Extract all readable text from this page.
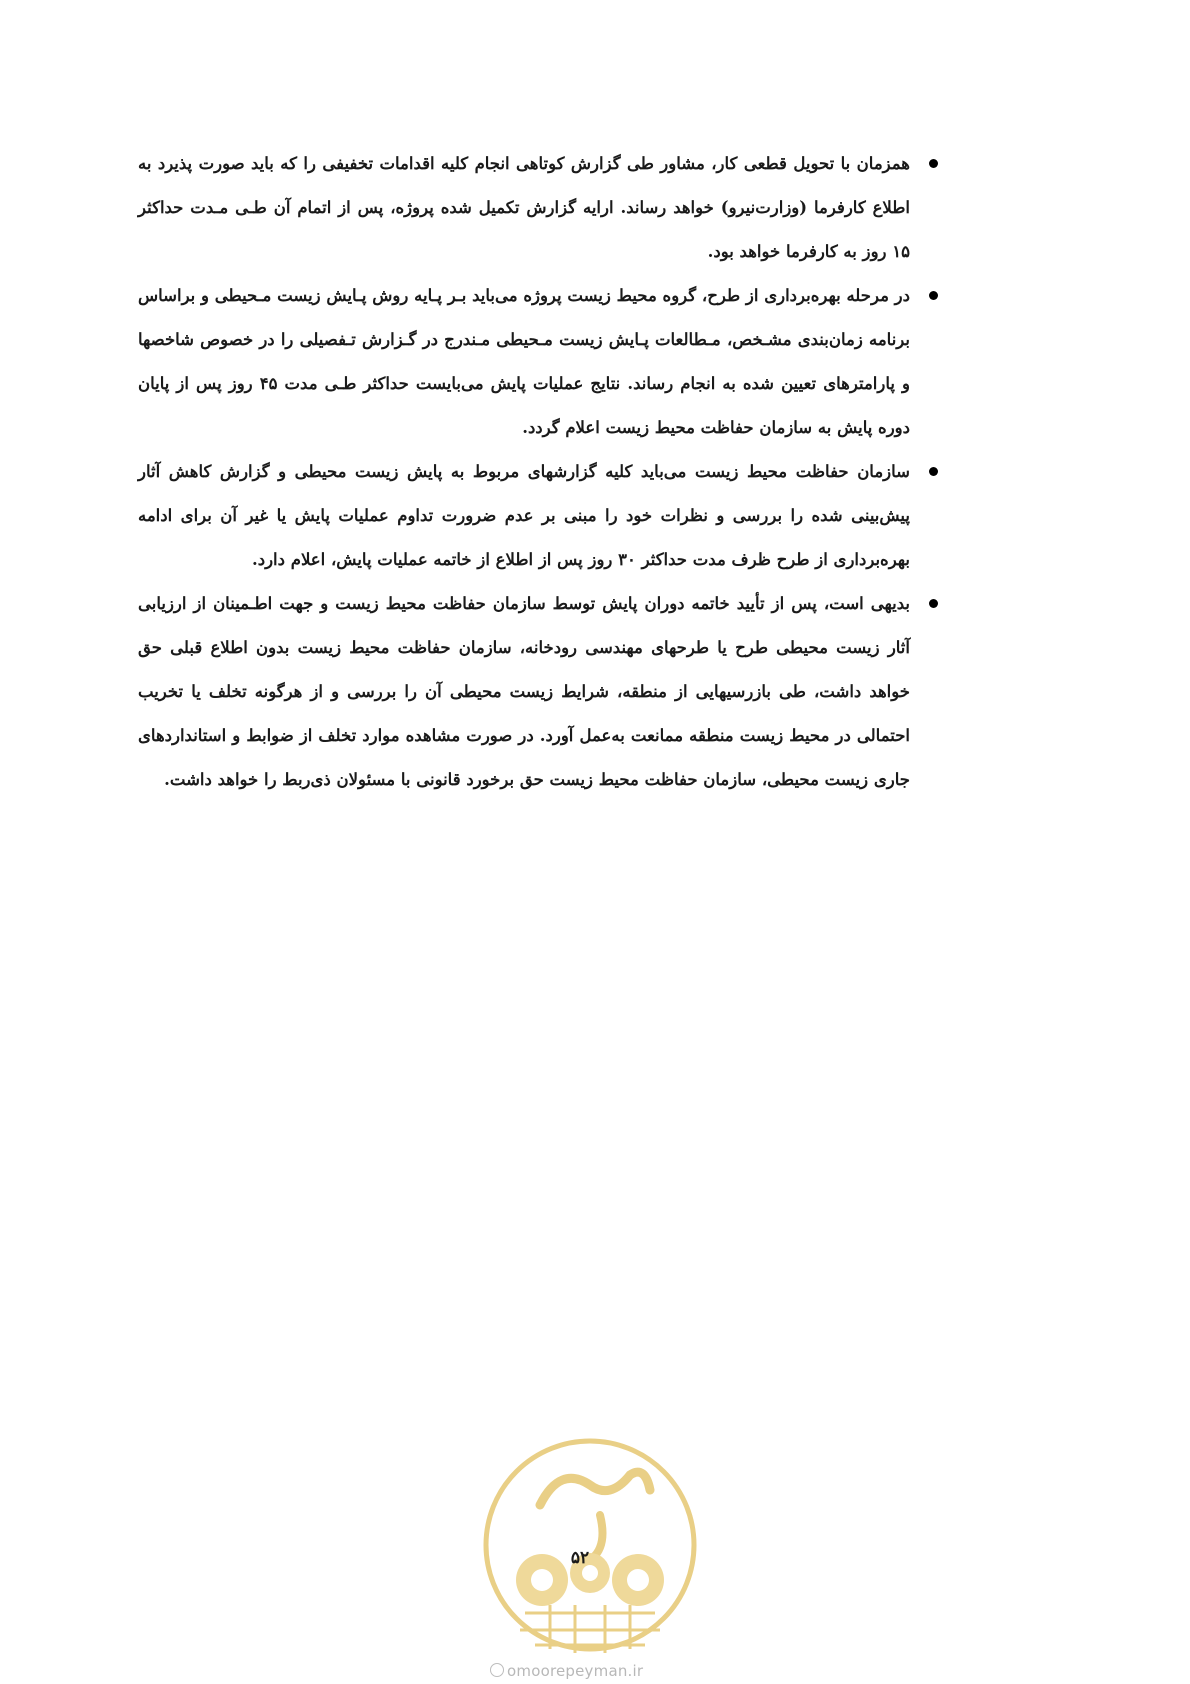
همزمان با تحویل قطعی کار، مشاور طی گزارش کوتاهی انجام کلیه اقدامات تخفیفی را که باید صورت پذیرد به اطلاع کارفرما (وزارت‌نیرو) خواهد رساند. ارایه گزارش تکمیل شده پروژه، پس از اتمام آن طـی مـدت حداکثر ۱۵ روز به کارفرما خواهد بود.
در مرحله بهره‌برداری از طرح، گروه محیط زیست پروژه می‌باید بـر پـایه روش پـایش زیست مـحیطی و براساس برنامه زمان‌بندی مشـخص، مـطالعات پـایش زیست مـحیطی مـندرج در گـزارش تـفصیلی را در خصوص شاخصها و پارامترهای تعیین شده به انجام رساند. نتایج عملیات پایش می‌بایست حداکثر طـی مدت ۴۵ روز پس از پایان دوره پایش به سازمان حفاظت محیط زیست اعلام گردد.
سازمان حفاظت محیط زیست می‌باید کلیه گزارشهای مربوط به پایش زیست محیطی و گزارش کاهش آثار پیش‌بینی شده را بررسی و نظرات خود را مبنی بر عدم ضرورت تداوم عملیات پایش یا غیر آن برای ادامه بهره‌برداری از طرح ظرف مدت حداکثر ۳۰ روز پس از اطلاع از خاتمه عملیات پایش، اعلام دارد.
بدیهی است، پس از تأیید خاتمه دوران پایش توسط سازمان حفاظت محیط زیست و جهت اطـمینان از ارزیابی آثار زیست محیطی طرح یا طرحهای مهندسی رودخانه، سازمان حفاظت محیط زیست بدون اطلاع قبلی حق خواهد داشت، طی بازرسیهایی از منطقه، شرایط زیست محیطی آن را بررسی و از هرگونه تخلف یا تخریب احتمالی در محیط زیست منطقه ممانعت به‌عمل آورد. در صورت مشاهده موارد تخلف از ضوابط و استانداردهای جاری زیست محیطی، سازمان حفاظت محیط زیست حق برخورد قانونی با مسئولان ذی‌ربط را خواهد داشت.
۵۲
omoorepeyman.ir
